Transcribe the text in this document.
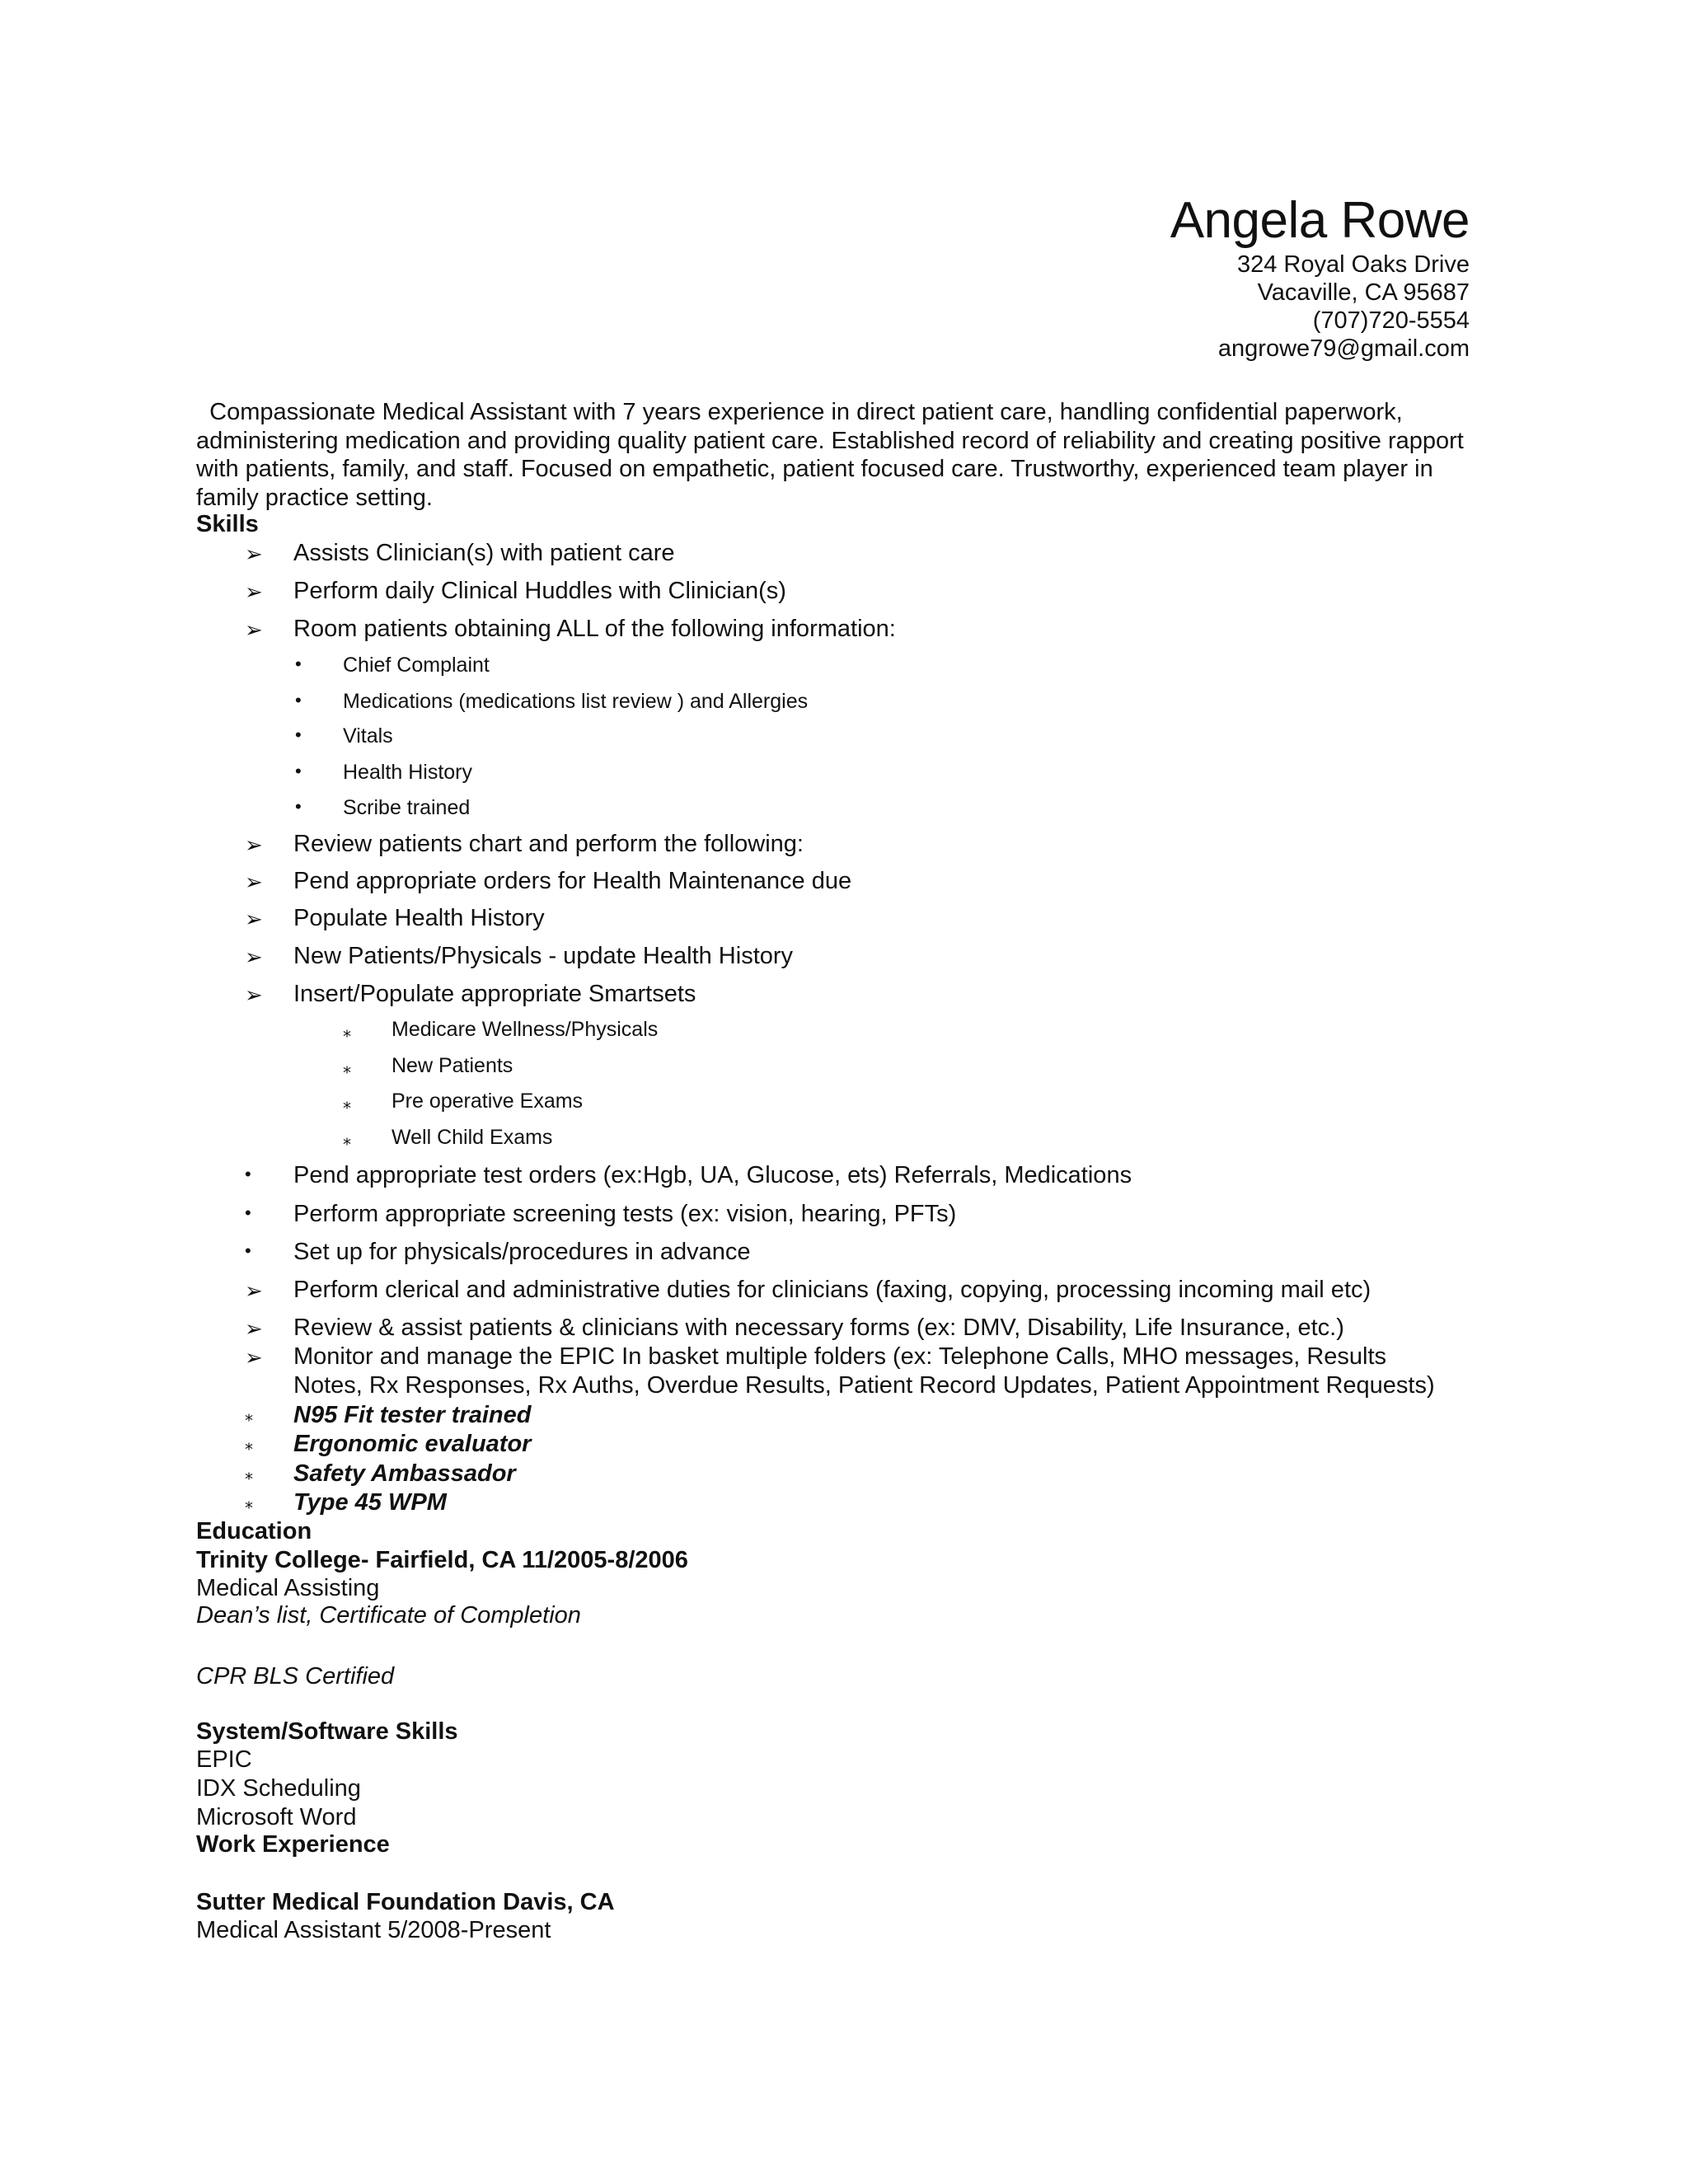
Angela Rowe
324 Royal Oaks Drive
Vacaville, CA 95687
(707)720-5554
angrowe79@gmail.com
Compassionate Medical Assistant with 7 years experience in direct patient care, handling confidential paperwork, administering medication and providing quality patient care. Established record of reliability and creating positive rapport with patients, family, and staff. Focused on empathetic, patient focused care. Trustworthy, experienced team player in family practice setting.
Skills
➢ Assists Clinician(s) with patient care
➢ Perform daily Clinical Huddles with Clinician(s)
➢ Room patients obtaining ALL of the following information:
• Chief Complaint
• Medications (medications list review ) and Allergies
• Vitals
• Health History
• Scribe trained
➢ Review patients chart and perform the following:
➢ Pend appropriate orders for Health Maintenance due
➢ Populate Health History
➢ New Patients/Physicals - update Health History
➢ Insert/Populate appropriate Smartsets
⁎ Medicare Wellness/Physicals
⁎ New Patients
⁎ Pre operative Exams
⁎ Well Child Exams
• Pend appropriate test orders (ex:Hgb, UA, Glucose, ets) Referrals, Medications
• Perform appropriate screening tests (ex: vision, hearing, PFTs)
• Set up for physicals/procedures in advance
➢ Perform clerical and administrative duties for clinicians (faxing, copying, processing incoming mail etc)
➢ Review & assist patients & clinicians with necessary forms (ex: DMV, Disability, Life Insurance, etc.)
➢ Monitor and manage the EPIC In basket multiple folders (ex: Telephone Calls, MHO messages, Results
Notes, Rx Responses, Rx Auths, Overdue Results, Patient Record Updates, Patient Appointment Requests)
⁎ N95 Fit tester trained
⁎ Ergonomic evaluator
⁎ Safety Ambassador
⁎ Type 45 WPM
Education
Trinity College- Fairfield, CA 11/2005-8/2006
Medical Assisting
Dean’s list, Certificate of Completion
CPR BLS Certified
System/Software Skills
EPIC
IDX Scheduling
Microsoft Word
Work Experience
Sutter Medical Foundation Davis, CA
Medical Assistant 5/2008-Present
